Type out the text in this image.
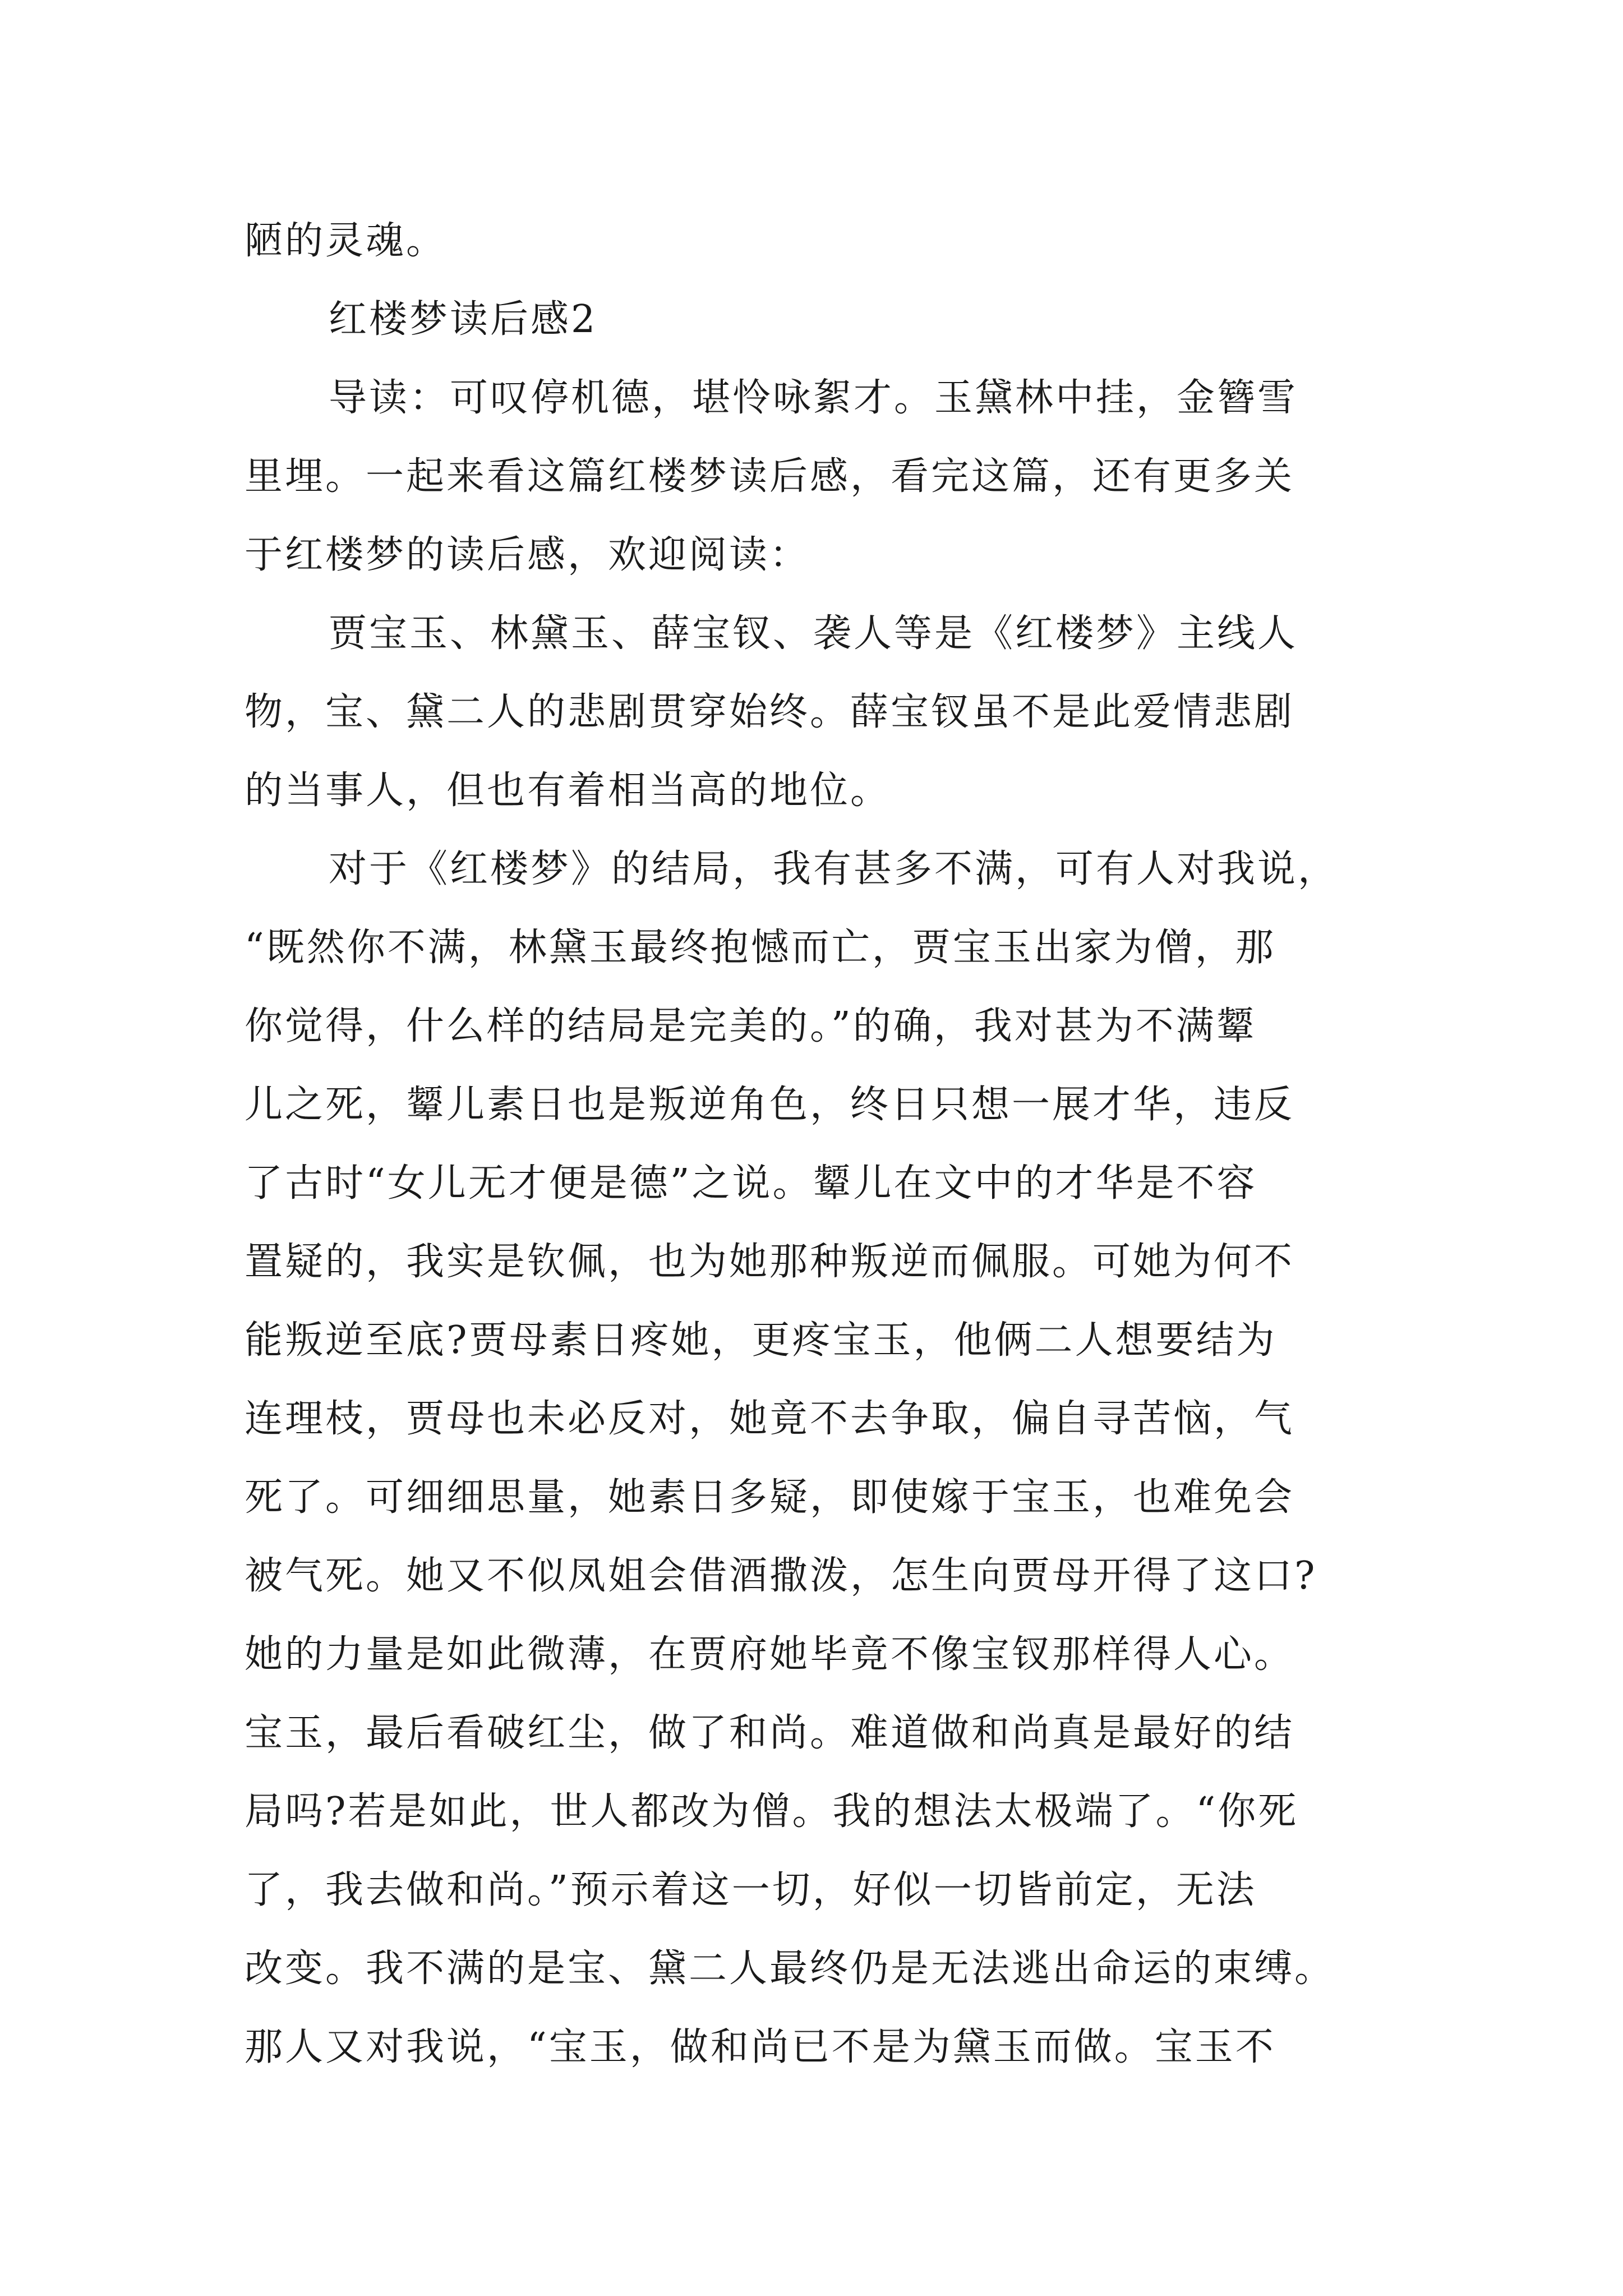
陋的灵魂。
红楼梦读后感2
导读：可叹停机德，堪怜咏絮才。玉黛林中挂，金簪雪
里埋。一起来看这篇红楼梦读后感，看完这篇，还有更多关
于红楼梦的读后感，欢迎阅读：
贾宝玉、林黛玉、薛宝钗、袭人等是《红楼梦》主线人
物，宝、黛二人的悲剧贯穿始终。薛宝钗虽不是此爱情悲剧
的当事人，但也有着相当高的地位。
对于《红楼梦》的结局，我有甚多不满，可有人对我说，
“既然你不满，林黛玉最终抱憾而亡，贾宝玉出家为僧，那
你觉得，什么样的结局是完美的。”的确，我对甚为不满颦
儿之死，颦儿素日也是叛逆角色，终日只想一展才华，违反
了古时“女儿无才便是德”之说。颦儿在文中的才华是不容
置疑的，我实是钦佩，也为她那种叛逆而佩服。可她为何不
能叛逆至底?贾母素日疼她，更疼宝玉，他俩二人想要结为
连理枝，贾母也未必反对，她竟不去争取，偏自寻苦恼，气
死了。可细细思量，她素日多疑，即使嫁于宝玉，也难免会
被气死。她又不似凤姐会借酒撒泼，怎生向贾母开得了这口?
她的力量是如此微薄，在贾府她毕竟不像宝钗那样得人心。
宝玉，最后看破红尘，做了和尚。难道做和尚真是最好的结
局吗?若是如此，世人都改为僧。我的想法太极端了。“你死
了，我去做和尚。”预示着这一切，好似一切皆前定，无法
改变。我不满的是宝、黛二人最终仍是无法逃出命运的束缚。
那人又对我说，“宝玉，做和尚已不是为黛玉而做。宝玉不
